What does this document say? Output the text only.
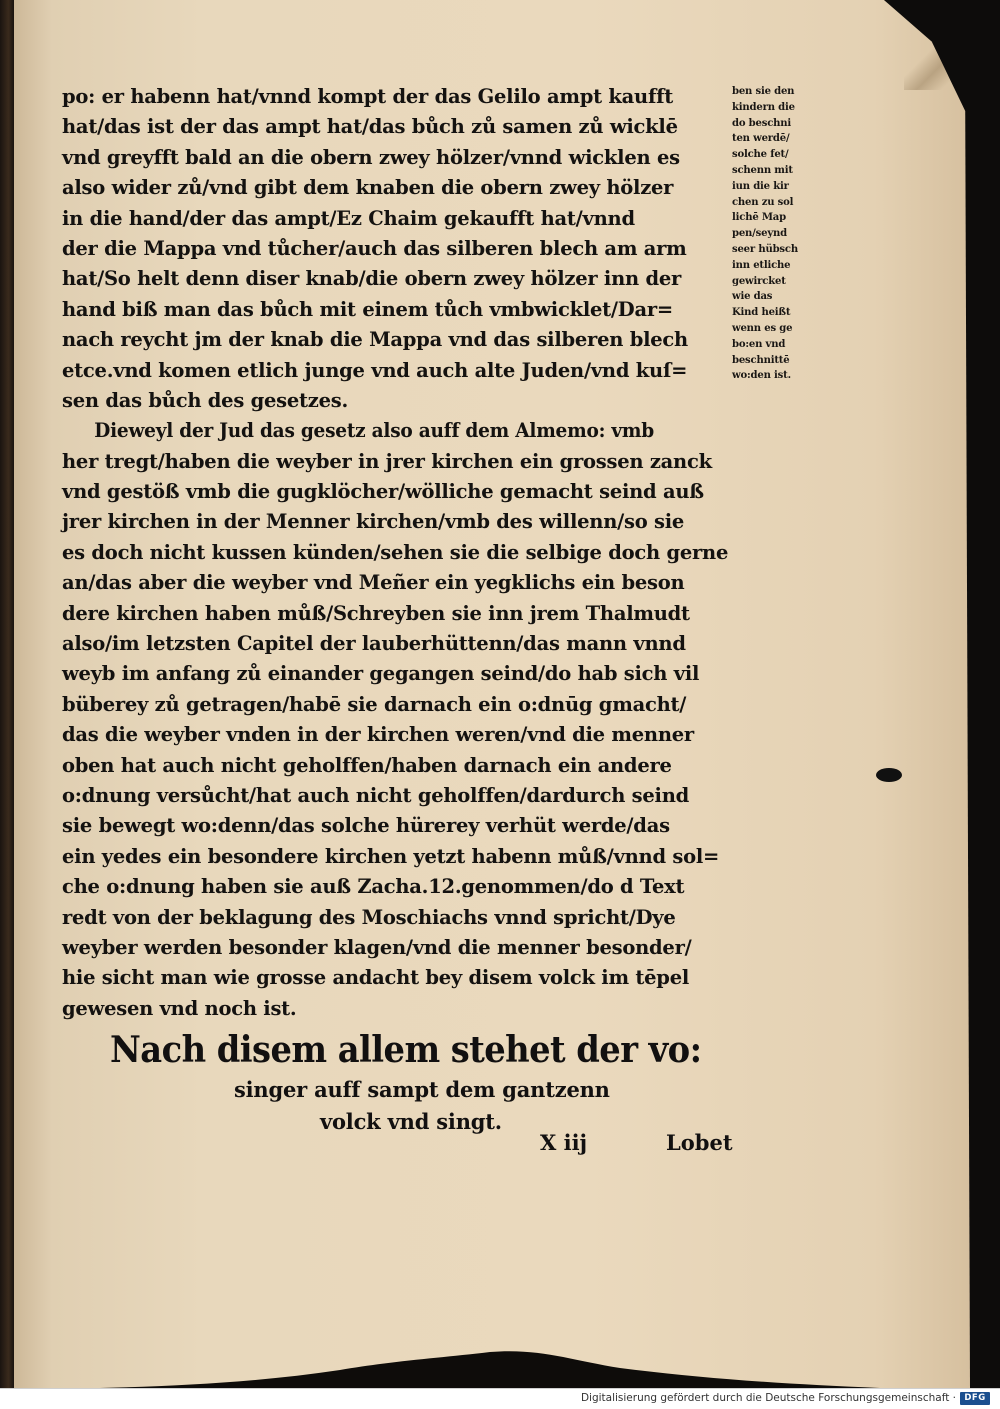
po: er habenn hat/vnnd kompt der das Gelilo ampt kaufft
hat/das ist der das ampt hat/das bůch zů samen zů wicklē
vnd greyfft bald an die obern zwey hölzer/vnnd wicklen es
also wider zů/vnd gibt dem knaben die obern zwey hölzer
in die hand/der das ampt/Ez Chaim gekaufft hat/vnnd
der die Mappa vnd tůcher/auch das silberen blech am arm
hat/So helt denn diser knab/die obern zwey hölzer inn der
hand biß man das bůch mit einem tůch vmbwicklet/Dar=
nach reycht jm der knab die Mappa vnd das silberen blech
etce.vnd komen etlich junge vnd auch alte Juden/vnd kuſ=
sen das bůch des gesetzes.
Dieweyl der Jud das gesetz also auff dem Almemo: vmb
her tregt/haben die weyber in jrer kirchen ein grossen zanck
vnd gestöß vmb die gugklöcher/wölliche gemacht seind auß
jrer kirchen in der Menner kirchen/vmb des willenn/so sie
es doch nicht kussen künden/sehen sie die selbige doch gerne
an/das aber die weyber vnd Meñer ein yegklichs ein beson
dere kirchen haben můß/Schreyben sie inn jrem Thalmudt
also/im letzsten Capitel der lauberhüttenn/das mann vnnd
weyb im anfang zů einander gegangen seind/do hab sich vil
büberey zů getragen/habē sie darnach ein o:dnūg gmacht/
das die weyber vnden in der kirchen weren/vnd die menner
oben hat auch nicht geholffen/haben darnach ein andere
o:dnung versůcht/hat auch nicht geholffen/dardurch seind
sie bewegt wo:denn/das solche hürerey verhüt werde/das
ein yedes ein besondere kirchen yetzt habenn můß/vnnd sol=
che o:dnung haben sie auß Zacha.12.genommen/do d Text
redt von der beklagung des Moschiachs vnnd spricht/Dye
weyber werden besonder klagen/vnd die menner besonder/
hie sicht man wie grosse andacht bey disem volck im tēpel
gewesen vnd noch ist.
ben sie den
kindern die
do beschni
ten werdē/
solche fet/
schenn mit
iun die kir
chen zu sol
lichē Map
pen/seynd
seer hübsch
inn etliche
gewircket
wie das
Kind heißt
wenn es ge
bo:en vnd
beschnittē
wo:den ist.
Nach disem allem stehet der vo:
singer auff sampt dem gantzenn
volck vnd singt.
X iij	Lobet
Digitalisierung gefördert durch die Deutsche Forschungsgemeinschaft · DFG
